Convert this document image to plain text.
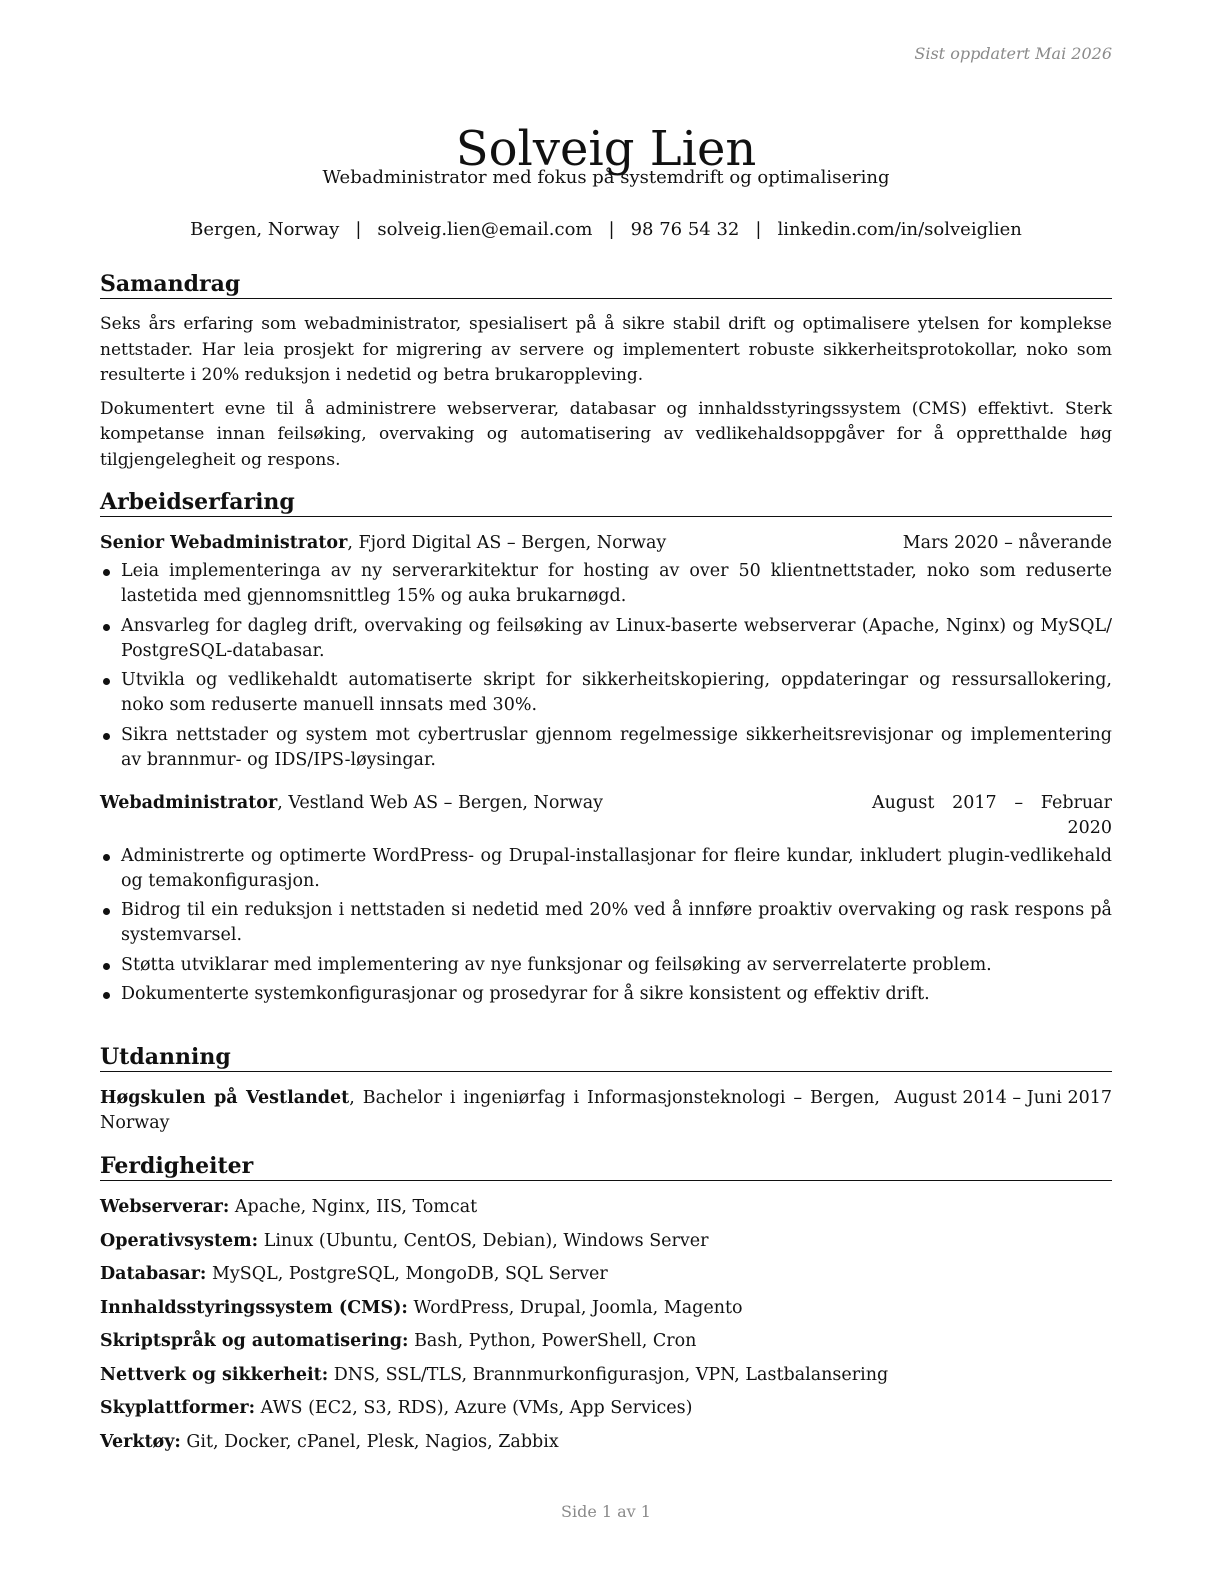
Sist oppdatert Mai 2026
Solveig Lien
Webadministrator med fokus på systemdrift og optimalisering
Bergen, Norway | solveig.lien@email.com | 98 76 54 32 | linkedin.com/in/solveiglien
Samandrag

Seks års erfaring som webadministrator, spesialisert på å sikre stabil drift og optimalisere ytelsen for komplekse nettstader. Har leia prosjekt for migrering av servere og implementert robuste sikkerheitsprotokollar, noko som resulterte i 20% reduksjon i nedetid og betra brukaroppleving.

Dokumentert evne til å administrere webserverar, databasar og innhaldsstyringssystem (CMS) effektivt. Sterk kompetanse innan feilsøking, overvaking og automatisering av vedlikehaldsoppgåver for å oppretthalde høg tilgjengelegheit og respons.

Arbeidserfaring
Senior Webadministrator, Fjord Digital AS – Bergen, Norway	Mars 2020 – nåverande
Leia implementeringa av ny serverarkitektur for hosting av over 50 klientnettstader, noko som reduserte lastetida med gjennomsnittleg 15% og auka brukarnøgd.
Ansvarleg for dagleg drift, overvaking og feilsøking av Linux-baserte webserverar (Apache, Nginx) og MySQL/ PostgreSQL-databasar.
Utvikla og vedlikehaldt automatiserte skript for sikkerheitskopiering, oppdateringar og ressursallokering, noko som reduserte manuell innsats med 30%.
Sikra nettstader og system mot cybertruslar gjennom regelmessige sikkerheitsrevisjonar og implementering av brannmur- og IDS/IPS-løysingar.
Webadministrator, Vestland Web AS – Bergen, Norway	August 2017 – Februar 2020
Administrerte og optimerte WordPress- og Drupal-installasjonar for fleire kundar, inkludert plugin-vedlikehald og temakonfigurasjon.
Bidrog til ein reduksjon i nettstaden si nedetid med 20% ved å innføre proaktiv overvaking og rask respons på systemvarsel.
Støtta utviklarar med implementering av nye funksjonar og feilsøking av serverrelaterte problem.
Dokumenterte systemkonfigurasjonar og prosedyrar for å sikre konsistent og effektiv drift.
Utdanning
Høgskulen på Vestlandet, Bachelor i ingeniørfag i Informasjonsteknologi – Bergen, Norway
August 2014 – Juni 2017
Ferdigheiter
Webserverar: Apache, Nginx, IIS, Tomcat
Operativsystem: Linux (Ubuntu, CentOS, Debian), Windows Server
Databasar: MySQL, PostgreSQL, MongoDB, SQL Server
Innhaldsstyringssystem (CMS): WordPress, Drupal, Joomla, Magento
Skriptspråk og automatisering: Bash, Python, PowerShell, Cron
Nettverk og sikkerheit: DNS, SSL/TLS, Brannmurkonfigurasjon, VPN, Lastbalansering
Skyplattformer: AWS (EC2, S3, RDS), Azure (VMs, App Services)
Verktøy: Git, Docker, cPanel, Plesk, Nagios, Zabbix
Side 1 av 1
